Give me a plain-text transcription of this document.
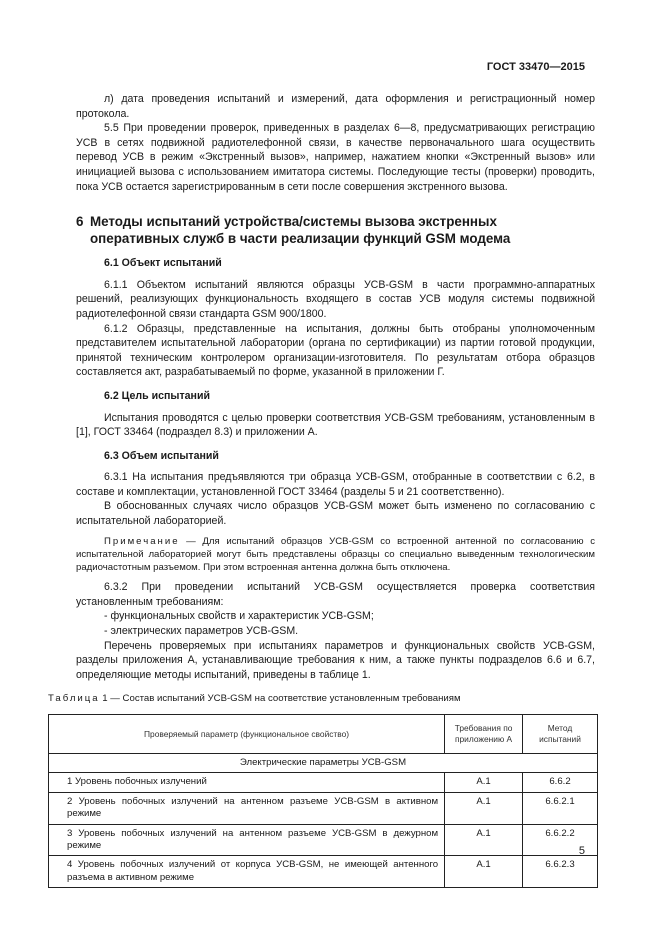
ГОСТ 33470—2015

л) дата проведения испытаний и измерений, дата оформления и регистрационный номер протокола.

5.5 При проведении проверок, приведенных в разделах 6—8, предусматривающих регистрацию УСВ в сетях подвижной радиотелефонной связи, в качестве первоначального шага осуществить перевод УСВ в режим «Экстренный вызов», например, нажатием кнопки «Экстренный вызов» или инициацией вызова с использованием имитатора системы. Последующие тесты (проверки) проводить, пока УСВ остается зарегистрированным в сети после совершения экстренного вызова.

6 Методы испытаний устройства/системы вызова экстренных
оперативных служб в части реализации функций GSM модема

6.1 Объект испытаний

6.1.1 Объектом испытаний являются образцы УСВ-GSM в части программно-аппаратных решений, реализующих функциональность входящего в состав УСВ модуля системы подвижной радиотелефонной связи стандарта GSM 900/1800.

6.1.2 Образцы, представленные на испытания, должны быть отобраны уполномоченным представителем испытательной лаборатории (органа по сертификации) из партии готовой продукции, принятой техническим контролером организации-изготовителя. По результатам отбора образцов составляется акт, разрабатываемый по форме, указанной в приложении Г.

6.2 Цель испытаний

Испытания проводятся с целью проверки соответствия УСВ-GSM требованиям, установленным в [1], ГОСТ 33464 (подраздел 8.3) и приложении А.

6.3 Объем испытаний

6.3.1 На испытания предъявляются три образца УСВ-GSM, отобранные в соответствии с 6.2, в составе и комплектации, установленной ГОСТ 33464 (разделы 5 и 21 соответственно).

В обоснованных случаях число образцов УСВ-GSM может быть изменено по согласованию с испытательной лабораторией.

Примечание — Для испытаний образцов УСВ-GSM со встроенной антенной по согласованию с испытательной лабораторией могут быть представлены образцы со специально выведенным технологическим радиочастотным разъемом. При этом встроенная антенна должна быть отключена.

6.3.2 При проведении испытаний УСВ-GSM осуществляется проверка соответствия установленным требованиям:

- функциональных свойств и характеристик УСВ-GSM;

- электрических параметров УСВ-GSM.

Перечень проверяемых при испытаниях параметров и функциональных свойств УСВ-GSM, разделы приложения А, устанавливающие требования к ним, а также пункты подразделов 6.6 и 6.7, определяющие методы испытаний, приведены в таблице 1.

Таблица 1 — Состав испытаний УСВ-GSM на соответствие установленным требованиям

Проверяемый параметр (функциональное свойство)	Требования по приложению А	Метод испытаний
Электрические параметры УСВ-GSM		
1 Уровень побочных излучений	А.1	6.6.2
2 Уровень побочных излучений на антенном разъеме УСВ-GSM в активном режиме	А.1	6.6.2.1
3 Уровень побочных излучений на антенном разъеме УСВ-GSM в дежурном режиме	А.1	6.6.2.2
4 Уровень побочных излучений от корпуса УСВ-GSM, не имеющей антенного разъема в активном режиме	А.1	6.6.2.3
5
